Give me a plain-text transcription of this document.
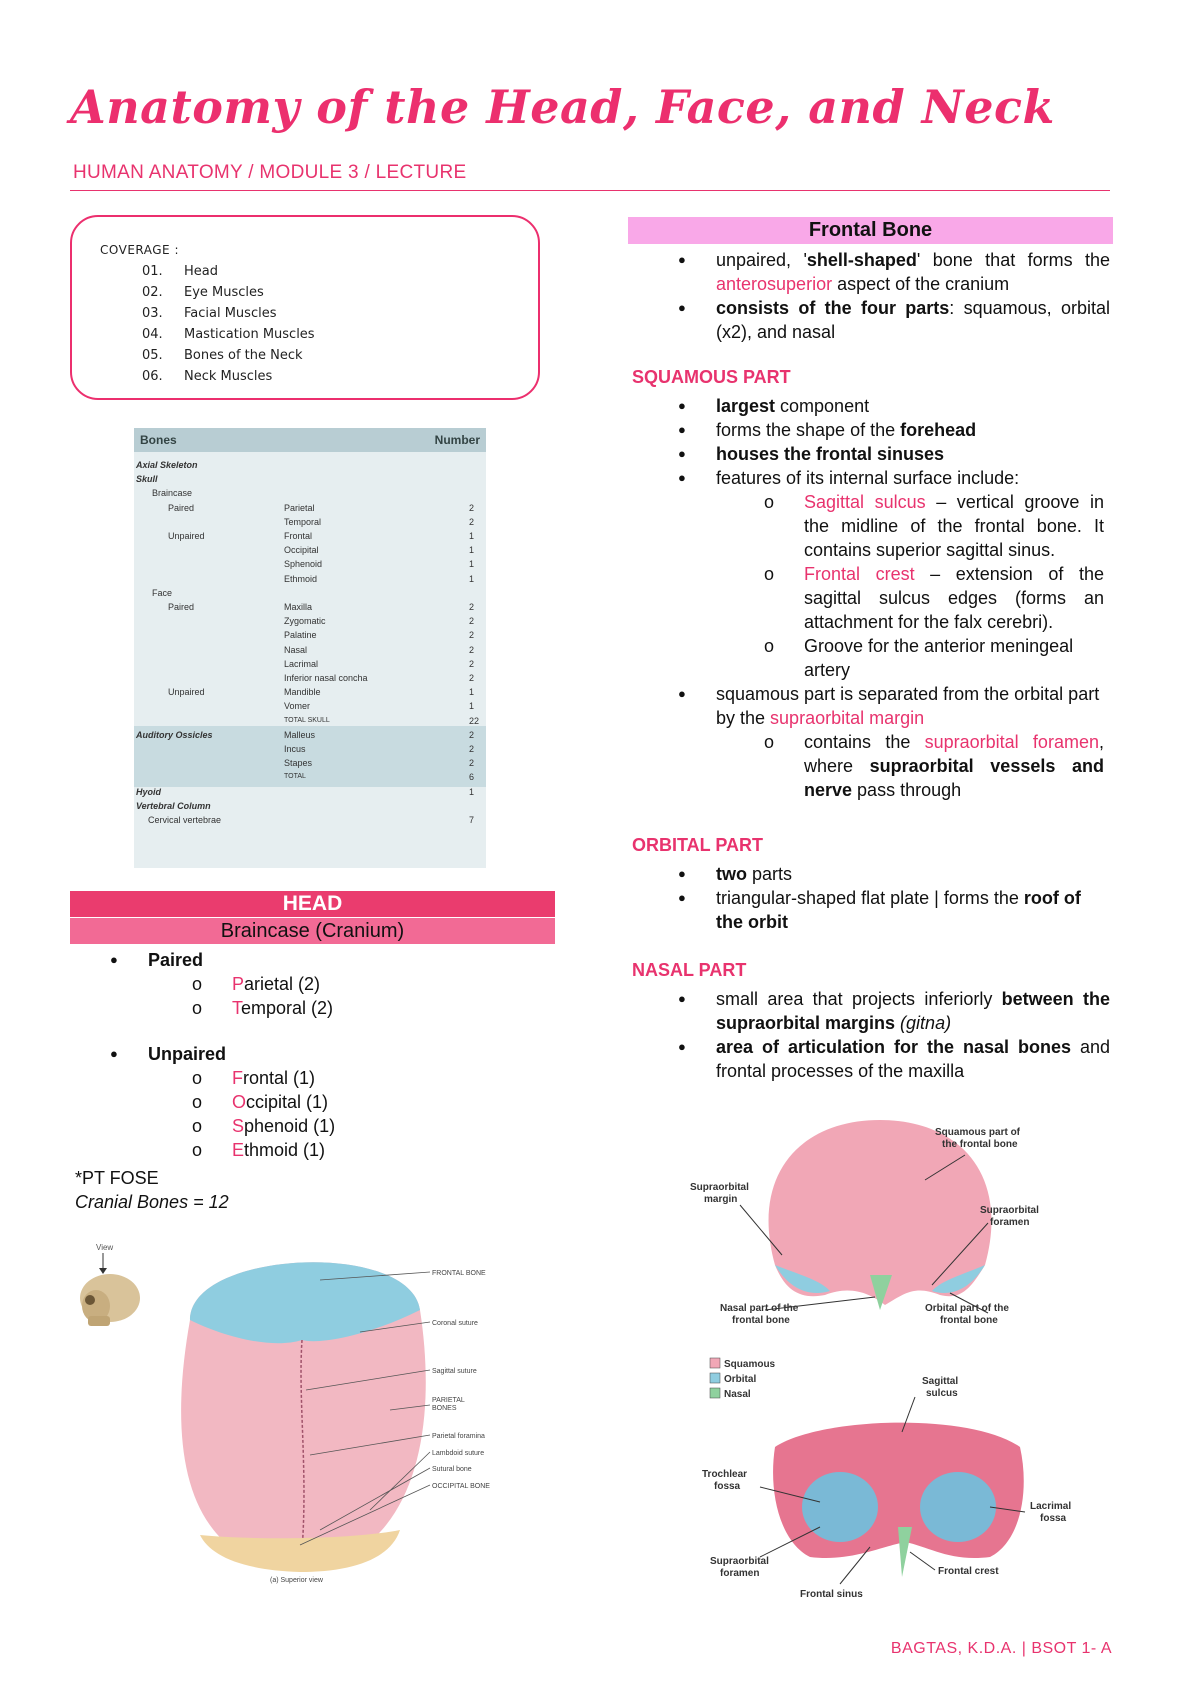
Anatomy of the Head, Face, and Neck
HUMAN ANATOMY / MODULE 3 / LECTURE
COVERAGE :
01.	Head
02.	Eye Muscles
03.	Facial Muscles
04.	Mastication Muscles
05.	Bones of the Neck
06.	Neck Muscles
Bones	Number
Axial Skeleton
Skull
Braincase
Paired	Parietal	2
Temporal	2
Unpaired	Frontal	1
Occipital	1
Sphenoid	1
Ethmoid	1
Face
Paired	Maxilla	2
Zygomatic	2
Palatine	2
Nasal	2
Lacrimal	2
Inferior nasal concha	2
Unpaired	Mandible	1
Vomer	1
TOTAL SKULL	22
Auditory Ossicles	Malleus	2
Incus	2
Stapes	2
TOTAL	6
Hyoid	1
Vertebral Column
Cervical vertebrae	7
HEAD
Braincase (Cranium)
● Paired
o Parietal (2)
o Temporal (2)
● Unpaired
o Frontal (1)
o Occipital (1)
o Sphenoid (1)
o Ethmoid (1)
*PT FOSE
Cranial Bones = 12
View
FRONTAL BONE
Coronal suture
Sagittal suture
PARIETAL
BONES
Parietal foramina
Lambdoid suture
Sutural bone
OCCIPITAL BONE
(a) Superior view
Frontal Bone
● unpaired, 'shell-shaped' bone that forms the anterosuperior aspect of the cranium
● consists of the four parts: squamous, orbital (x2), and nasal
SQUAMOUS PART
● largest component
● forms the shape of the forehead
● houses the frontal sinuses
● features of its internal surface include:
o Sagittal sulcus – vertical groove in the midline of the frontal bone. It contains superior sagittal sinus.
o Frontal crest – extension of the sagittal sulcus edges (forms an attachment for the falx cerebri).
o Groove for the anterior meningeal artery
● squamous part is separated from the orbital part by the supraorbital margin
o contains the supraorbital foramen, where supraorbital vessels and nerve pass through
ORBITAL PART
● two parts
● triangular-shaped flat plate | forms the roof of the orbit
NASAL PART
● small area that projects inferiorly between the supraorbital margins (gitna)
● area of articulation for the nasal bones and frontal processes of the maxilla
Squamous part of
the frontal bone
Supraorbital
margin
Supraorbital
foramen
Nasal part of the
frontal bone
Orbital part of the
frontal bone
Squamous
Orbital
Nasal
Sagittal
sulcus
Trochlear
fossa
Lacrimal
fossa
Supraorbital
foramen	Frontal crest
Frontal sinus
BAGTAS, K.D.A. | BSOT 1- A
